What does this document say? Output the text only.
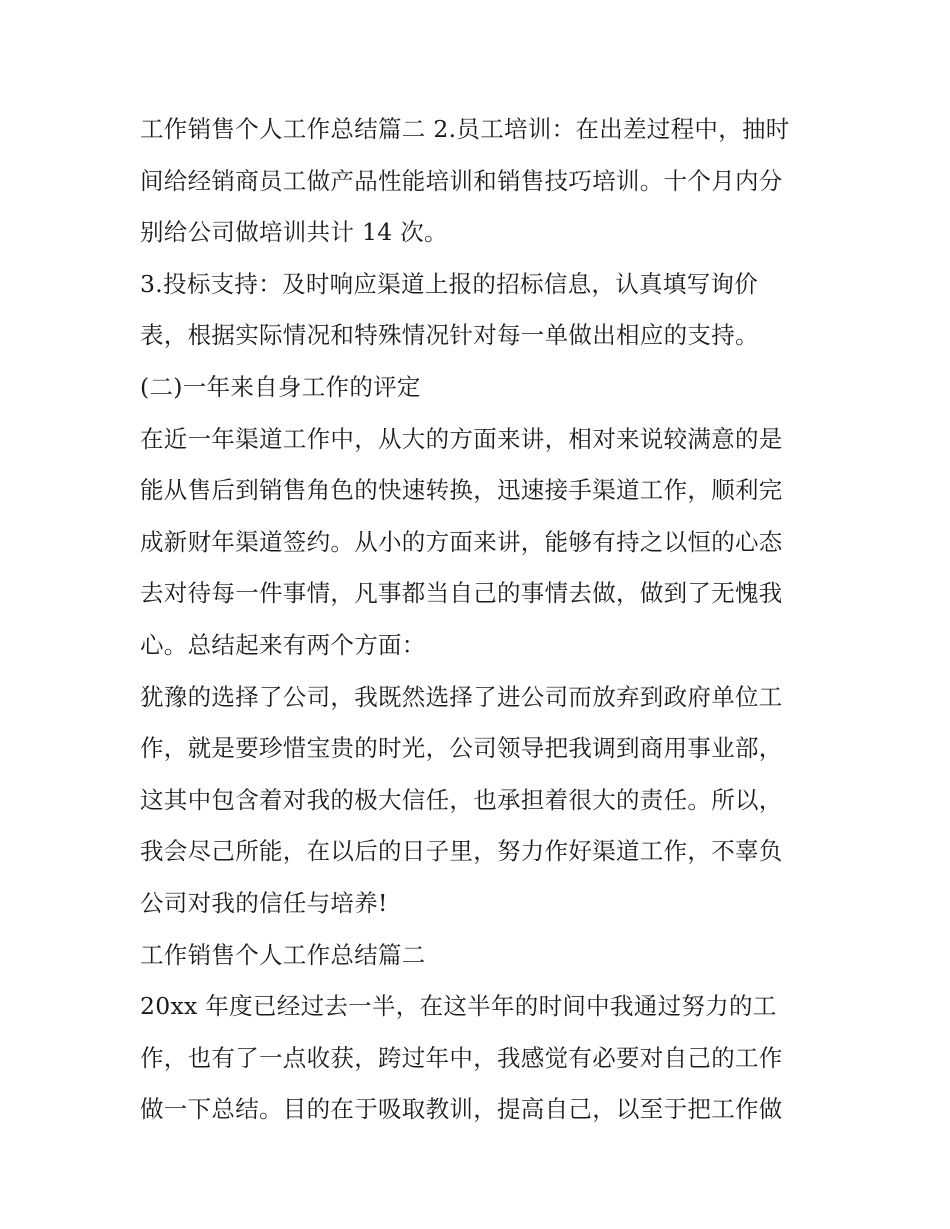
工作销售个人工作总结篇二 2.员工培训：在出差过程中，抽时
间给经销商员工做产品性能培训和销售技巧培训。十个月内分
别给公司做培训共计 14 次。
3.投标支持：及时响应渠道上报的招标信息，认真填写询价
表，根据实际情况和特殊情况针对每一单做出相应的支持。
(二)一年来自身工作的评定
在近一年渠道工作中，从大的方面来讲，相对来说较满意的是
能从售后到销售角色的快速转换，迅速接手渠道工作，顺利完
成新财年渠道签约。从小的方面来讲，能够有持之以恒的心态
去对待每一件事情，凡事都当自己的事情去做，做到了无愧我
心。总结起来有两个方面：
犹豫的选择了公司，我既然选择了进公司而放弃到政府单位工
作，就是要珍惜宝贵的时光，公司领导把我调到商用事业部，
这其中包含着对我的极大信任，也承担着很大的责任。所以，
我会尽己所能，在以后的日子里，努力作好渠道工作，不辜负
公司对我的信任与培养!
工作销售个人工作总结篇二
20xx 年度已经过去一半，在这半年的时间中我通过努力的工
作，也有了一点收获，跨过年中，我感觉有必要对自己的工作
做一下总结。目的在于吸取教训，提高自己，以至于把工作做
